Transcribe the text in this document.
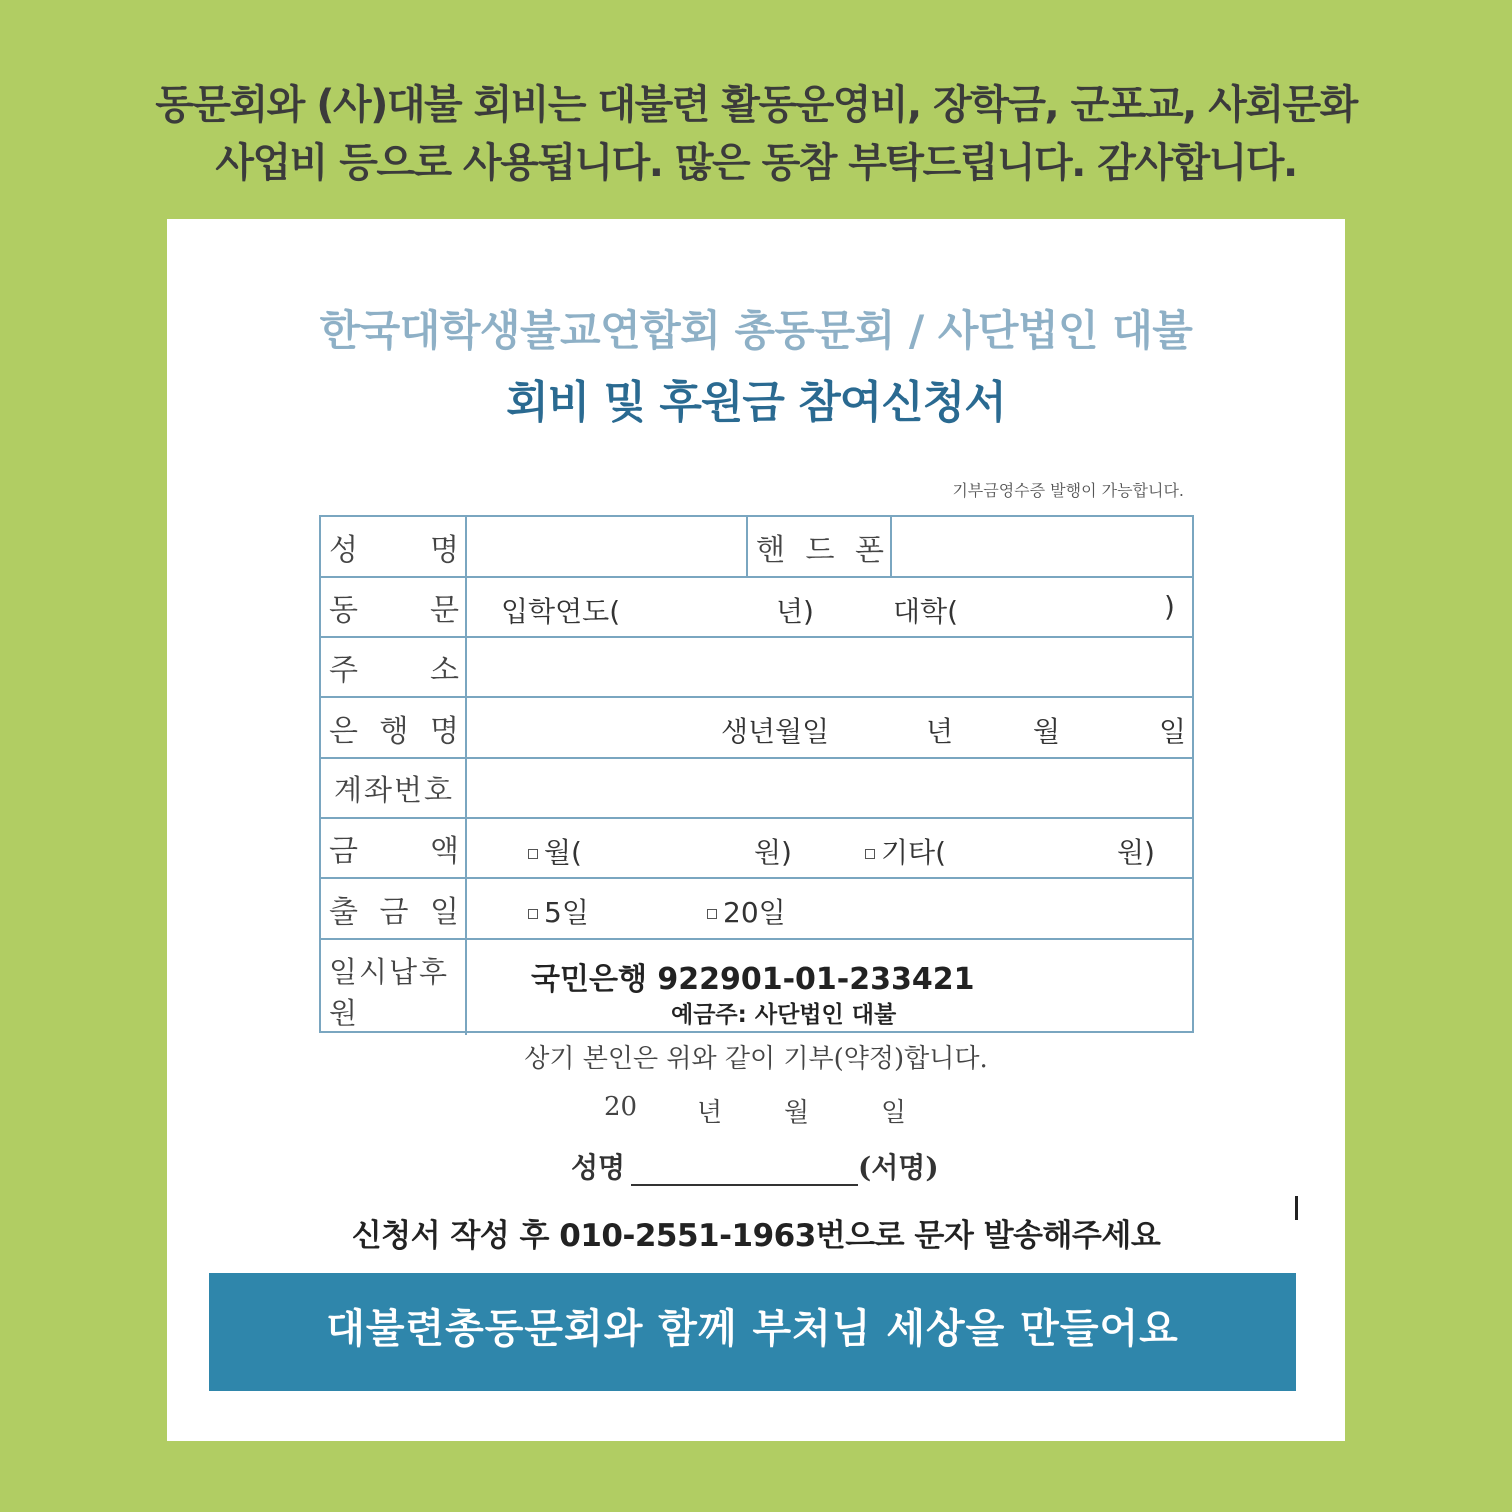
동문회와 (사)대불 회비는 대불련 활동운영비, 장학금, 군포교, 사회문화
사업비 등으로 사용됩니다. 많은 동참 부탁드립니다. 감사합니다.
한국대학생불교연합회 총동문회 / 사단법인 대불
회비 및 후원금 참여신청서
기부금영수증 발행이 가능합니다.
성 명	핸 드 폰
동 문 입학연도(	년)	대학(	)
주 소
은 행 명	생년월일	년	월	일
계좌번호
금 액	월(	원)	기타(	원)
출 금 일	5일	20일
일시납후원
국민은행 922901-01-233421
예금주: 사단법인 대불
상기 본인은 위와 같이 기부(약정)합니다.
20 년 월	일
성명	(서명)
신청서 작성 후 010-2551-1963번으로 문자 발송해주세요
대불련총동문회와 함께 부처님 세상을 만들어요
